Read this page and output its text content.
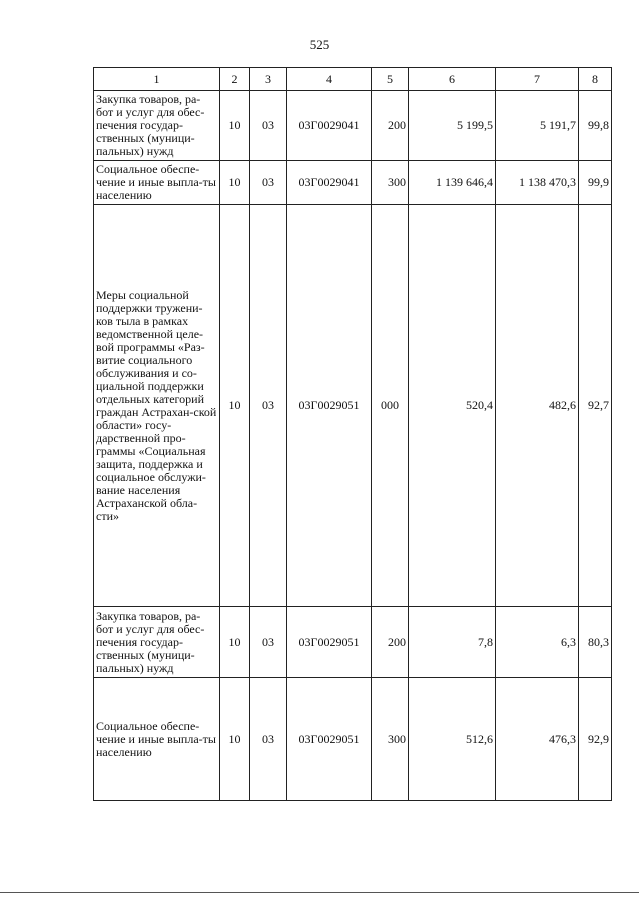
525
1	2	3	4	5	6	7	8
Закупка товаров, ра-бот и услуг для обес-печения государ-ственных (муници-пальных) нужд	10	03	03Г0029041	200	5 199,5	5 191,7	99,8
Социальное обеспе-чение и иные выпла-ты населению	10	03	03Г0029041	300	1 139 646,4	1 138 470,3	99,9
Меры социальной поддержки тружени-ков тыла в рамках ведомственной целе-вой программы «Раз-витие социального обслуживания и со-циальной поддержки отдельных категорий граждан Астрахан-ской области» госу-дарственной про-граммы «Социальная защита, поддержка и социальное обслужи-вание населения Астраханской обла-сти»	10	03	03Г0029051	000	520,4	482,6	92,7
Закупка товаров, ра-бот и услуг для обес-печения государ-ственных (муници-пальных) нужд	10	03	03Г0029051	200	7,8	6,3	80,3
Социальное обеспе-чение и иные выпла-ты населению	10	03	03Г0029051	300	512,6	476,3	92,9
